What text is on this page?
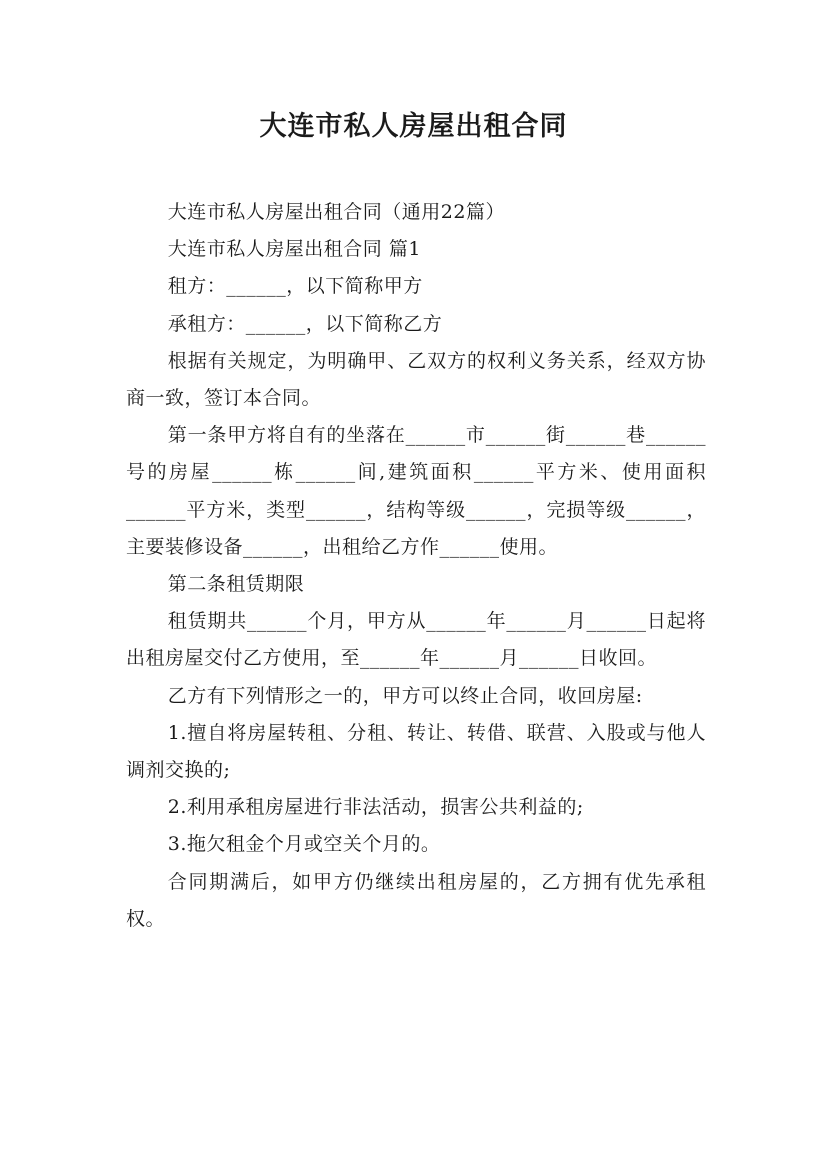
大连市私人房屋出租合同

大连市私人房屋出租合同（通用22篇）

大连市私人房屋出租合同 篇1

租方：______，以下简称甲方

承租方：______，以下简称乙方

根据有关规定，为明确甲、乙双方的权利义务关系，经双方协商一致，签订本合同。

第一条甲方将自有的坐落在______市______街______巷______号的房屋______栋______间,建筑面积______平方米、使用面积______平方米，类型______，结构等级______，完损等级______，主要装修设备______，出租给乙方作______使用。

第二条租赁期限

租赁期共______个月，甲方从______年______月______日起将出租房屋交付乙方使用，至______年______月______日收回。

乙方有下列情形之一的，甲方可以终止合同，收回房屋:

1.擅自将房屋转租、分租、转让、转借、联营、入股或与他人调剂交换的;

2.利用承租房屋进行非法活动，损害公共利益的;

3.拖欠租金个月或空关个月的。

合同期满后，如甲方仍继续出租房屋的，乙方拥有优先承租权。
